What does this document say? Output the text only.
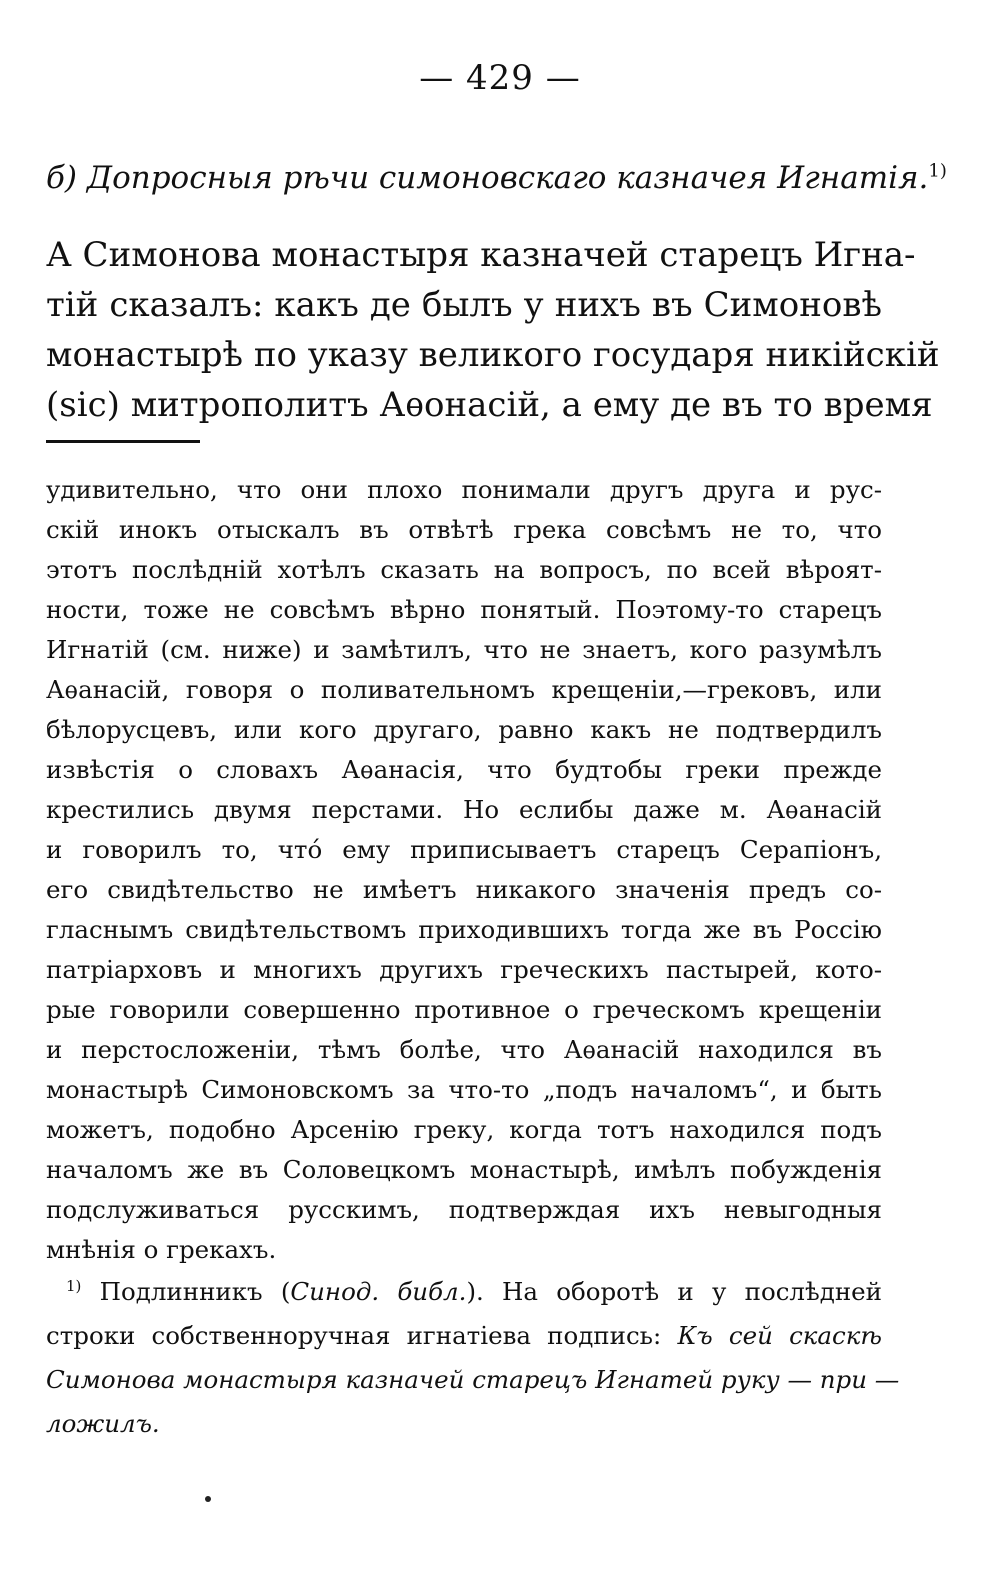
— 429 —
б) Допросныя рѣчи симоновскаго казначея Игнатія.$^{1)}$

А Симонова монастыря казначей старецъ Игна-
тій сказалъ: какъ де былъ у нихъ въ Симоновѣ
монастырѣ по указу великого государя никiйскій
(sic) митрополитъ Аѳонасій, а ему де въ то время

удивительно, что они плохо понимали другъ друга и рус-
скій инокъ отыскалъ въ отвѣтѣ грека совсѣмъ не то, что
этотъ послѣдній хотѣлъ сказать на вопросъ, по всей вѣроят-
ности, тоже не совсѣмъ вѣрно понятый. Поэтому-то старецъ
Игнатій (см. ниже) и замѣтилъ, что не знаетъ, кого разумѣлъ
Аѳанасій, говоря о поливательномъ крещеніи,—грековъ, или
бѣлорусцевъ, или кого другаго, равно какъ не подтвердилъ
извѣстія о словахъ Аѳанасія, что будтобы греки прежде
крестились двумя перстами. Но еслибы даже м. Аѳанасій
и говорилъ то, что́ ему приписываетъ старецъ Серапіонъ,
его свидѣтельство не имѣетъ никакого значенія предъ со-
гласнымъ свидѣтельствомъ приходившихъ тогда же въ Россію
патріарховъ и многихъ другихъ греческихъ пастырей, кото-
рые говорили совершенно противное о греческомъ крещеніи
и перстосложеніи, тѣмъ болѣе, что Аѳанасій находился въ
монастырѣ Симоновскомъ за что-то „подъ началомъ“, и быть
можетъ, подобно Арсенію греку, когда тотъ находился подъ
началомъ же въ Соловецкомъ монастырѣ, имѣлъ побужденія
подслуживаться русскимъ, подтверждая ихъ невыгодныя
мнѣнія о грекахъ.

$^{1)}$ Подлинникъ (Синод. библ.). На оборотѣ и у послѣдней
строки собственноручная игнатіева подпись: Къ сей скаскѣ
Симонова монастыря казначей старецъ Игнатей руку — при —
ложилъ.
